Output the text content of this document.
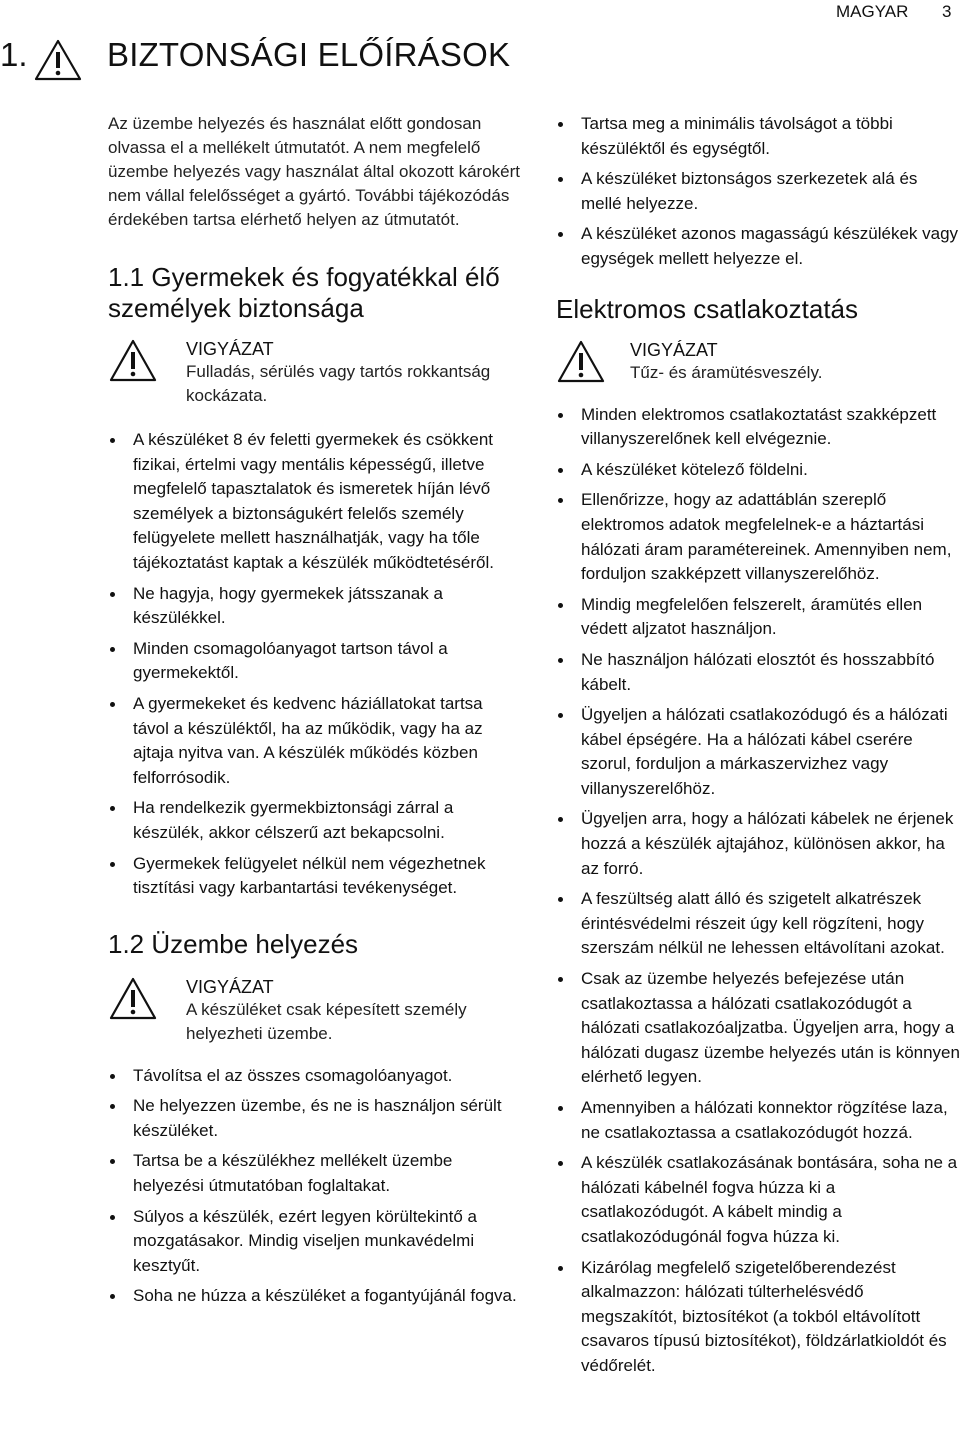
MAGYAR 3
1. BIZTONSÁGI ELŐÍRÁSOK

Az üzembe helyezés és használat előtt gondosan olvassa el a mellékelt útmutatót. A nem megfelelő üzembe helyezés vagy használat által okozott károkért nem vállal felelősséget a gyártó. További tájékozódás érdekében tartsa elérhető helyen az útmutatót.

1.1 Gyermekek és fogyatékkal élő személyek biztonsága

VIGYÁZAT

Fulladás, sérülés vagy tartós rokkantság kockázata.

A készüléket 8 év feletti gyermekek és csökkent fizikai, értelmi vagy mentális képességű, illetve megfelelő tapasztalatok és ismeretek híján lévő személyek a biztonságukért felelős személy felügyelete mellett használhatják, vagy ha tőle tájékoztatást kaptak a készülék működtetéséről.
Ne hagyja, hogy gyermekek játsszanak a készülékkel.
Minden csomagolóanyagot tartson távol a gyermekektől.
A gyermekeket és kedvenc háziállatokat tartsa távol a készüléktől, ha az működik, vagy ha az ajtaja nyitva van. A készülék működés közben felforrósodik.
Ha rendelkezik gyermekbiztonsági zárral a készülék, akkor célszerű azt bekapcsolni.
Gyermekek felügyelet nélkül nem végezhetnek tisztítási vagy karbantartási tevékenységet.
1.2 Üzembe helyezés

VIGYÁZAT

A készüléket csak képesített személy helyezheti üzembe.

Távolítsa el az összes csomagolóanyagot.
Ne helyezzen üzembe, és ne is használjon sérült készüléket.
Tartsa be a készülékhez mellékelt üzembe helyezési útmutatóban foglaltakat.
Súlyos a készülék, ezért legyen körültekintő a mozgatásakor. Mindig viseljen munkavédelmi kesztyűt.
Soha ne húzza a készüléket a fogantyújánál fogva.
Tartsa meg a minimális távolságot a többi készüléktől és egységtől.
A készüléket biztonságos szerkezetek alá és mellé helyezze.
A készüléket azonos magasságú készülékek vagy egységek mellett helyezze el.
Elektromos csatlakoztatás

VIGYÁZAT

Tűz- és áramütésveszély.

Minden elektromos csatlakoztatást szakképzett villanyszerelőnek kell elvégeznie.
A készüléket kötelező földelni.
Ellenőrizze, hogy az adattáblán szereplő elektromos adatok megfelelnek-e a háztartási hálózati áram paramétereinek. Amennyiben nem, forduljon szakképzett villanyszerelőhöz.
Mindig megfelelően felszerelt, áramütés ellen védett aljzatot használjon.
Ne használjon hálózati elosztót és hosszabbító kábelt.
Ügyeljen a hálózati csatlakozódugó és a hálózati kábel épségére. Ha a hálózati kábel cserére szorul, forduljon a márkaszervizhez vagy villanyszerelőhöz.
Ügyeljen arra, hogy a hálózati kábelek ne érjenek hozzá a készülék ajtajához, különösen akkor, ha az forró.
A feszültség alatt álló és szigetelt alkatrészek érintésvédelmi részeit úgy kell rögzíteni, hogy szerszám nélkül ne lehessen eltávolítani azokat.
Csak az üzembe helyezés befejezése után csatlakoztassa a hálózati csatlakozódugót a hálózati csatlakozóaljzatba. Ügyeljen arra, hogy a hálózati dugasz üzembe helyezés után is könnyen elérhető legyen.
Amennyiben a hálózati konnektor rögzítése laza, ne csatlakoztassa a csatlakozódugót hozzá.
A készülék csatlakozásának bontására, soha ne a hálózati kábelnél fogva húzza ki a csatlakozódugót. A kábelt mindig a csatlakozódugónál fogva húzza ki.
Kizárólag megfelelő szigetelőberendezést alkalmazzon: hálózati túlterhelésvédő megszakítót, biztosítékot (a tokból eltávolított csavaros típusú biztosítékot), földzárlatkioldót és védőrelét.
